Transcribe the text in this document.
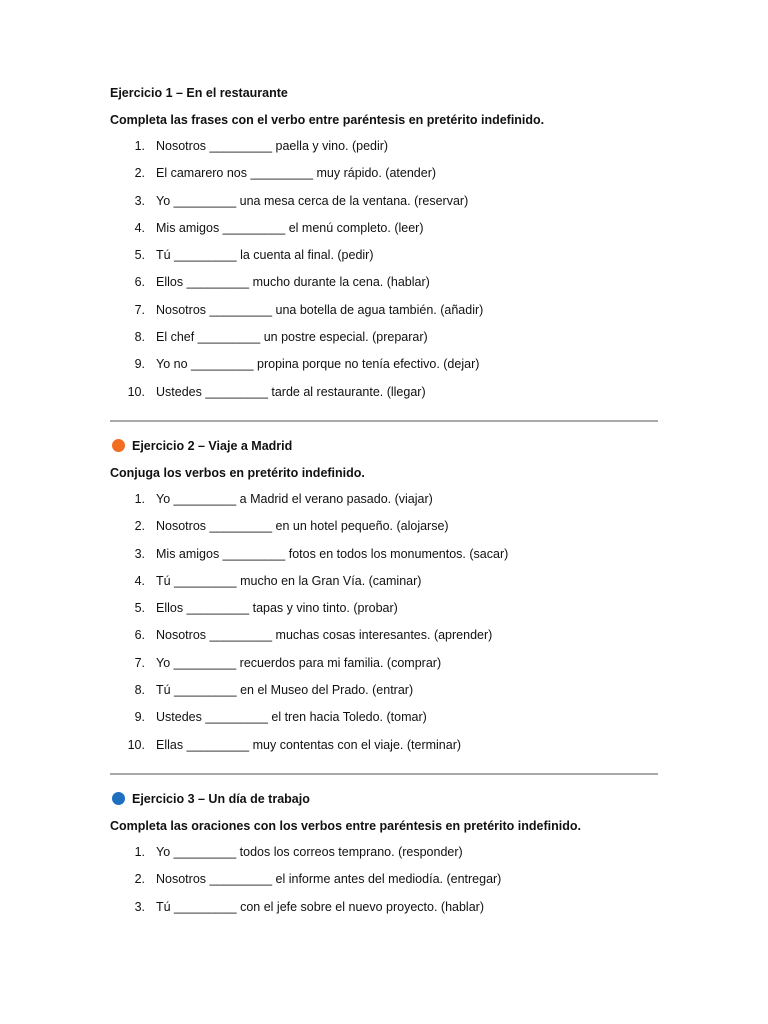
Ejercicio 1 – En el restaurante
Completa las frases con el verbo entre paréntesis en pretérito indefinido.
1. Nosotros _________ paella y vino. (pedir)
2. El camarero nos _________ muy rápido. (atender)
3. Yo _________ una mesa cerca de la ventana. (reservar)
4. Mis amigos _________ el menú completo. (leer)
5. Tú _________ la cuenta al final. (pedir)
6. Ellos _________ mucho durante la cena. (hablar)
7. Nosotros _________ una botella de agua también. (añadir)
8. El chef _________ un postre especial. (preparar)
9. Yo no _________ propina porque no tenía efectivo. (dejar)
10. Ustedes _________ tarde al restaurante. (llegar)
Ejercicio 2 – Viaje a Madrid
Conjuga los verbos en pretérito indefinido.
1. Yo _________ a Madrid el verano pasado. (viajar)
2. Nosotros _________ en un hotel pequeño. (alojarse)
3. Mis amigos _________ fotos en todos los monumentos. (sacar)
4. Tú _________ mucho en la Gran Vía. (caminar)
5. Ellos _________ tapas y vino tinto. (probar)
6. Nosotros _________ muchas cosas interesantes. (aprender)
7. Yo _________ recuerdos para mi familia. (comprar)
8. Tú _________ en el Museo del Prado. (entrar)
9. Ustedes _________ el tren hacia Toledo. (tomar)
10. Ellas _________ muy contentas con el viaje. (terminar)
Ejercicio 3 – Un día de trabajo
Completa las oraciones con los verbos entre paréntesis en pretérito indefinido.
1. Yo _________ todos los correos temprano. (responder)
2. Nosotros _________ el informe antes del mediodía. (entregar)
3. Tú _________ con el jefe sobre el nuevo proyecto. (hablar)
